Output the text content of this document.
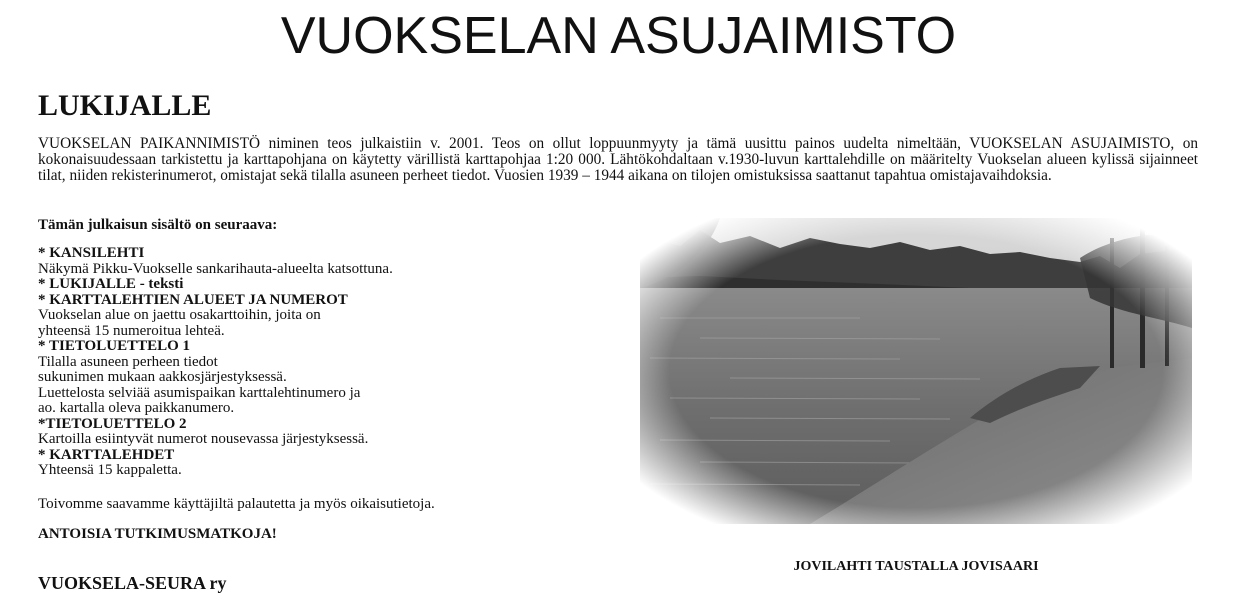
VUOKSELAN ASUJAIMISTO
LUKIJALLE
VUOKSELAN PAIKANNIMISTÖ niminen teos julkaistiin v. 2001. Teos on ollut loppuunmyyty ja tämä uusittu painos uudelta nimeltään, VUOKSELAN ASUJAIMISTO, on kokonaisuudessaan tarkistettu ja karttapohjana on käytetty värillistä karttapohjaa 1:20 000. Lähtökohdaltaan v.1930-luvun karttalehdille on määritelty Vuokselan alueen kylissä sijainneet tilat, niiden rekisterinumerot, omistajat sekä tilalla asuneen perheet tiedot. Vuosien 1939 – 1944 aikana on tilojen omistuksissa saattanut tapahtua omistajavaihdoksia.
Tämän julkaisun sisältö on seuraava:
* KANSILEHTI
Näkymä Pikku-Vuokselle sankarihauta-alueelta katsottuna.
* LUKIJALLE - teksti
* KARTTALEHTIEN ALUEET JA NUMEROT
Vuokselan alue on jaettu osakarttoihin, joita on
yhteensä 15 numeroitua lehteä.
* TIETOLUETTELO 1
Tilalla asuneen perheen tiedot
sukunimen mukaan aakkosjärjestyksessä.
Luettelosta selviää asumispaikan karttalehtinumero ja
ao. kartalla oleva paikkanumero.
*TIETOLUETTELO 2
Kartoilla esiintyvät numerot nousevassa järjestyksessä.
* KARTTALEHDET
Yhteensä 15 kappaletta.
Toivomme saavamme käyttäjiltä palautetta ja myös oikaisutietoja.
ANTOISIA TUTKIMUSMATKOJA!
VUOKSELA-SEURA ry
JOVILAHTI TAUSTALLA JOVISAARI
